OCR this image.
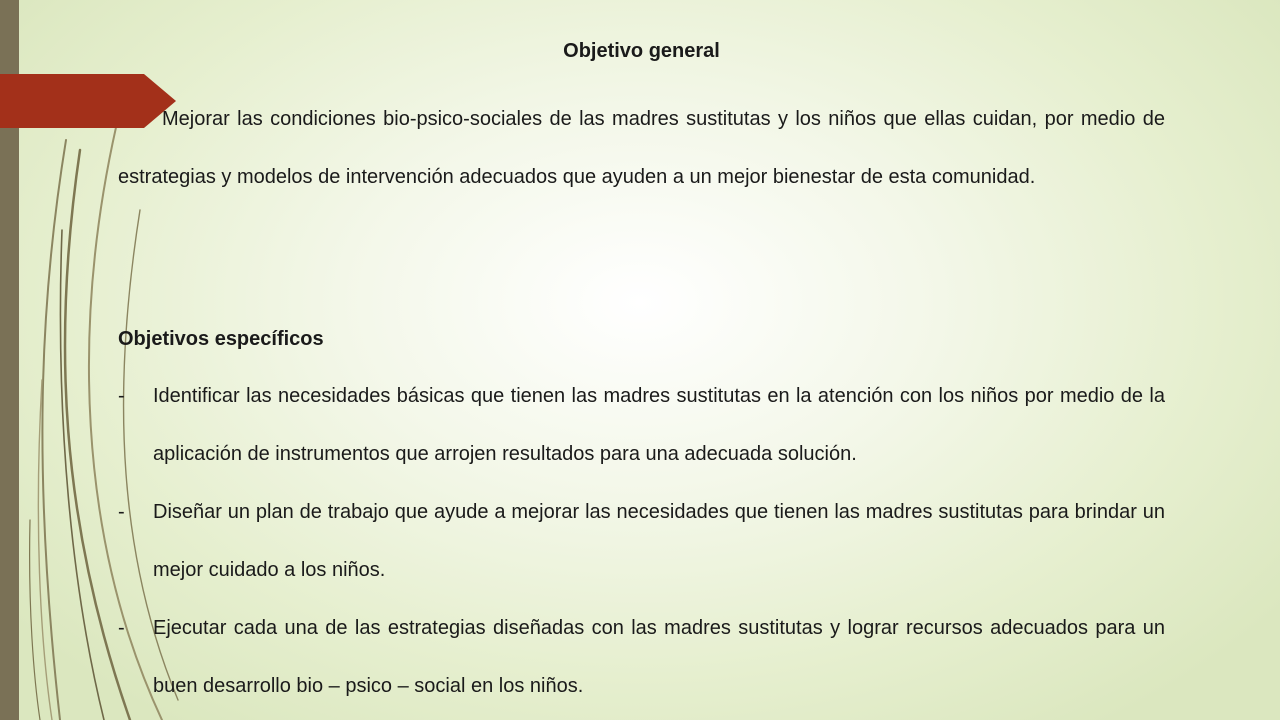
Objetivo general
Mejorar las condiciones bio-psico-sociales de las madres sustitutas y los niños que ellas cuidan, por medio de estrategias y modelos de intervención adecuados que ayuden a un mejor bienestar de esta comunidad.
Objetivos específicos
- Identificar las necesidades básicas que tienen las madres sustitutas en la atención con los niños por medio de la aplicación de instrumentos que arrojen resultados para una adecuada solución.
- Diseñar un plan de trabajo que ayude a mejorar las necesidades que tienen las madres sustitutas para brindar un mejor cuidado a los niños.
- Ejecutar cada una de las estrategias diseñadas con las madres sustitutas y lograr recursos adecuados para un buen desarrollo bio – psico – social en los niños.
